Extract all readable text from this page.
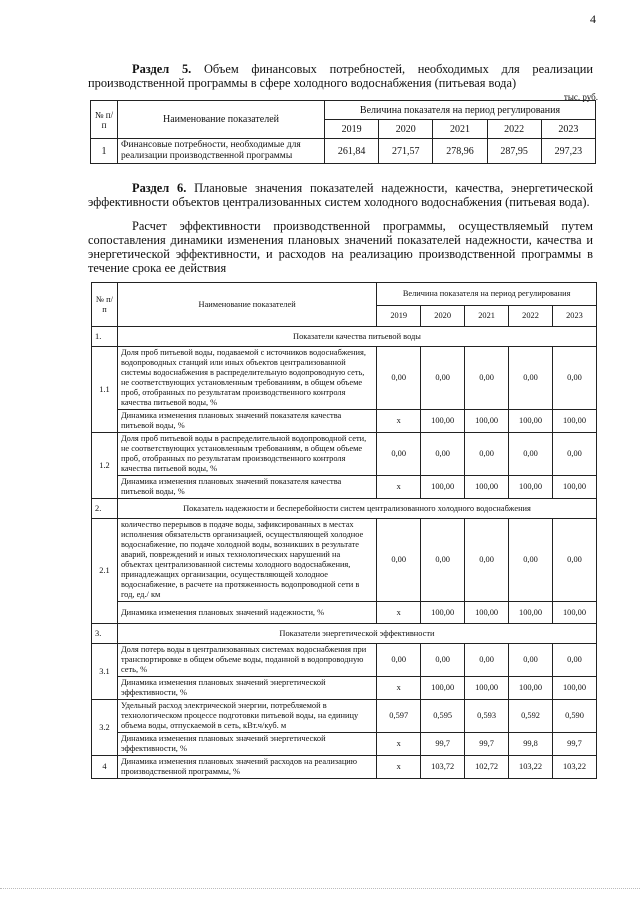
4
Раздел 5. Объем финансовых потребностей, необходимых для реализации производственной программы в сфере холодного водоснабжения (питьевая вода)
тыс. руб.
№ п/п	Наименование показателей	Величина показателя на период регулирования				
		2019	2020	2021	2022	2023
1	Финансовые потребности, необходимые для реализации производственной программы	261,84	271,57	278,96	287,95	297,23
Раздел 6. Плановые значения показателей надежности, качества, энергетической эффективности объектов централизованных систем холодного водоснабжения (питьевая вода).
Расчет эффективности производственной программы, осуществляемый путем сопоставления динамики изменения плановых значений показателей надежности, качества и энергетической эффективности, и расходов на реализацию производственной программы в течение срока ее действия
№ п/ п	Наименование показателей	Величина показателя на период регулирования				
		2019	2020	2021	2022	2023
1.	Показатели качества питьевой воды					
1.1	Доля проб питьевой воды, подаваемой с источников водоснабжения, водопроводных станций или иных объектов централизованной системы водоснабжения в распределительную водопроводную сеть, не соответствующих установленным требованиям, в общем объеме проб, отобранных по результатам производственного контроля качества питьевой воды, %	0,00	0,00	0,00	0,00	0,00
	Динамика изменения плановых значений показателя качества питьевой воды, %	х	100,00	100,00	100,00	100,00
1.2	Доля проб питьевой воды в распределительной водопроводной сети, не соответствующих установленным требованиям, в общем объеме проб, отобранных по результатам производственного контроля качества питьевой воды, %	0,00	0,00	0,00	0,00	0,00
	Динамика изменения плановых значений показателя качества питьевой воды, %	х	100,00	100,00	100,00	100,00
2.	Показатель надежности и бесперебойности систем централизованного холодного водоснабжения					
2.1	количество перерывов в подаче воды, зафиксированных в местах исполнения обязательств организацией, осуществляющей холодное водоснабжение, по подаче холодной воды, возникших в результате аварий, повреждений и иных технологических нарушений на объектах централизованной системы холодного водоснабжения, принадлежащих организации, осуществляющей холодное водоснабжение, в расчете на протяженность водопроводной сети в год, ед./ км	0,00	0,00	0,00	0,00	0,00
	Динамика изменения плановых значений надежности, %	х	100,00	100,00	100,00	100,00
3.	Показатели энергетической эффективности					
3.1	Доля потерь воды в централизованных системах водоснабжения при транспортировке в общем объеме воды, поданной в водопроводную сеть, %	0,00	0,00	0,00	0,00	0,00
	Динамика изменения плановых значений энергетической эффективности, %	х	100,00	100,00	100,00	100,00
3.2	Удельный расход электрической энергии, потребляемой в технологическом процессе подготовки питьевой воды, на единицу объема воды, отпускаемой в сеть, кВт.ч/куб. м	0,597	0,595	0,593	0,592	0,590
	Динамика изменения плановых значений энергетической эффективности, %	х	99,7	99,7	99,8	99,7
4	Динамика изменения плановых значений расходов на реализацию производственной программы, %	х	103,72	102,72	103,22	103,22
